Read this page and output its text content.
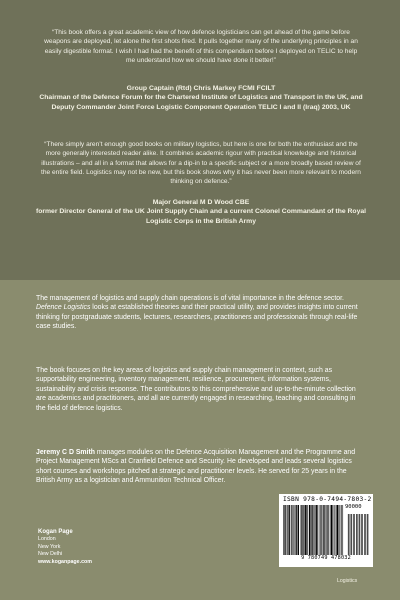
“This book offers a great academic view of how defence logisticians can get ahead of the game before weapons are deployed, let alone the first shots fired. It pulls together many of the underlying principles in an easily digestible format. I wish I had had the benefit of this compendium before I deployed on TELIC to help me understand how we should have done it better!”
Group Captain (Rtd) Chris Markey FCMI FCILT
Chairman of the Defence Forum for the Chartered Institute of Logistics and Transport in the UK, and Deputy Commander Joint Force Logistic Component Operation TELIC I and II (Iraq) 2003, UK
“There simply aren’t enough good books on military logistics, but here is one for both the enthusiast and the more generally interested reader alike. It combines academic rigour with practical knowledge and historical illustrations – and all in a format that allows for a dip-in to a specific subject or a more broadly based review of the entire field. Logistics may not be new, but this book shows why it has never been more relevant to modern thinking on defence.”
Major General M D Wood CBE
former Director General of the UK Joint Supply Chain and a current Colonel Commandant of the Royal Logistic Corps in the British Army
The management of logistics and supply chain operations is of vital importance in the defence sector. Defence Logistics looks at established theories and their practical utility, and provides insights into current thinking for postgraduate students, lecturers, researchers, practitioners and professionals through real-life case studies.
The book focuses on the key areas of logistics and supply chain management in context, such as supportability engineering, inventory management, resilience, procurement, information systems, sustainability and crisis response. The contributors to this comprehensive and up-to-the-minute collection are academics and practitioners, and all are currently engaged in researching, teaching and consulting in the field of defence logistics.
Jeremy C D Smith manages modules on the Defence Acquisition Management and the Programme and Project Management MScs at Cranfield Defence and Security. He developed and leads several logistics short courses and workshops pitched at strategic and practitioner levels. He served for 25 years in the British Army as a logistician and Ammunition Technical Officer.
Kogan Page
London
New York
New Delhi
www.koganpage.com
ISBN 978-0-7494-7803-2
90000
9 780749 478032
Logistics
